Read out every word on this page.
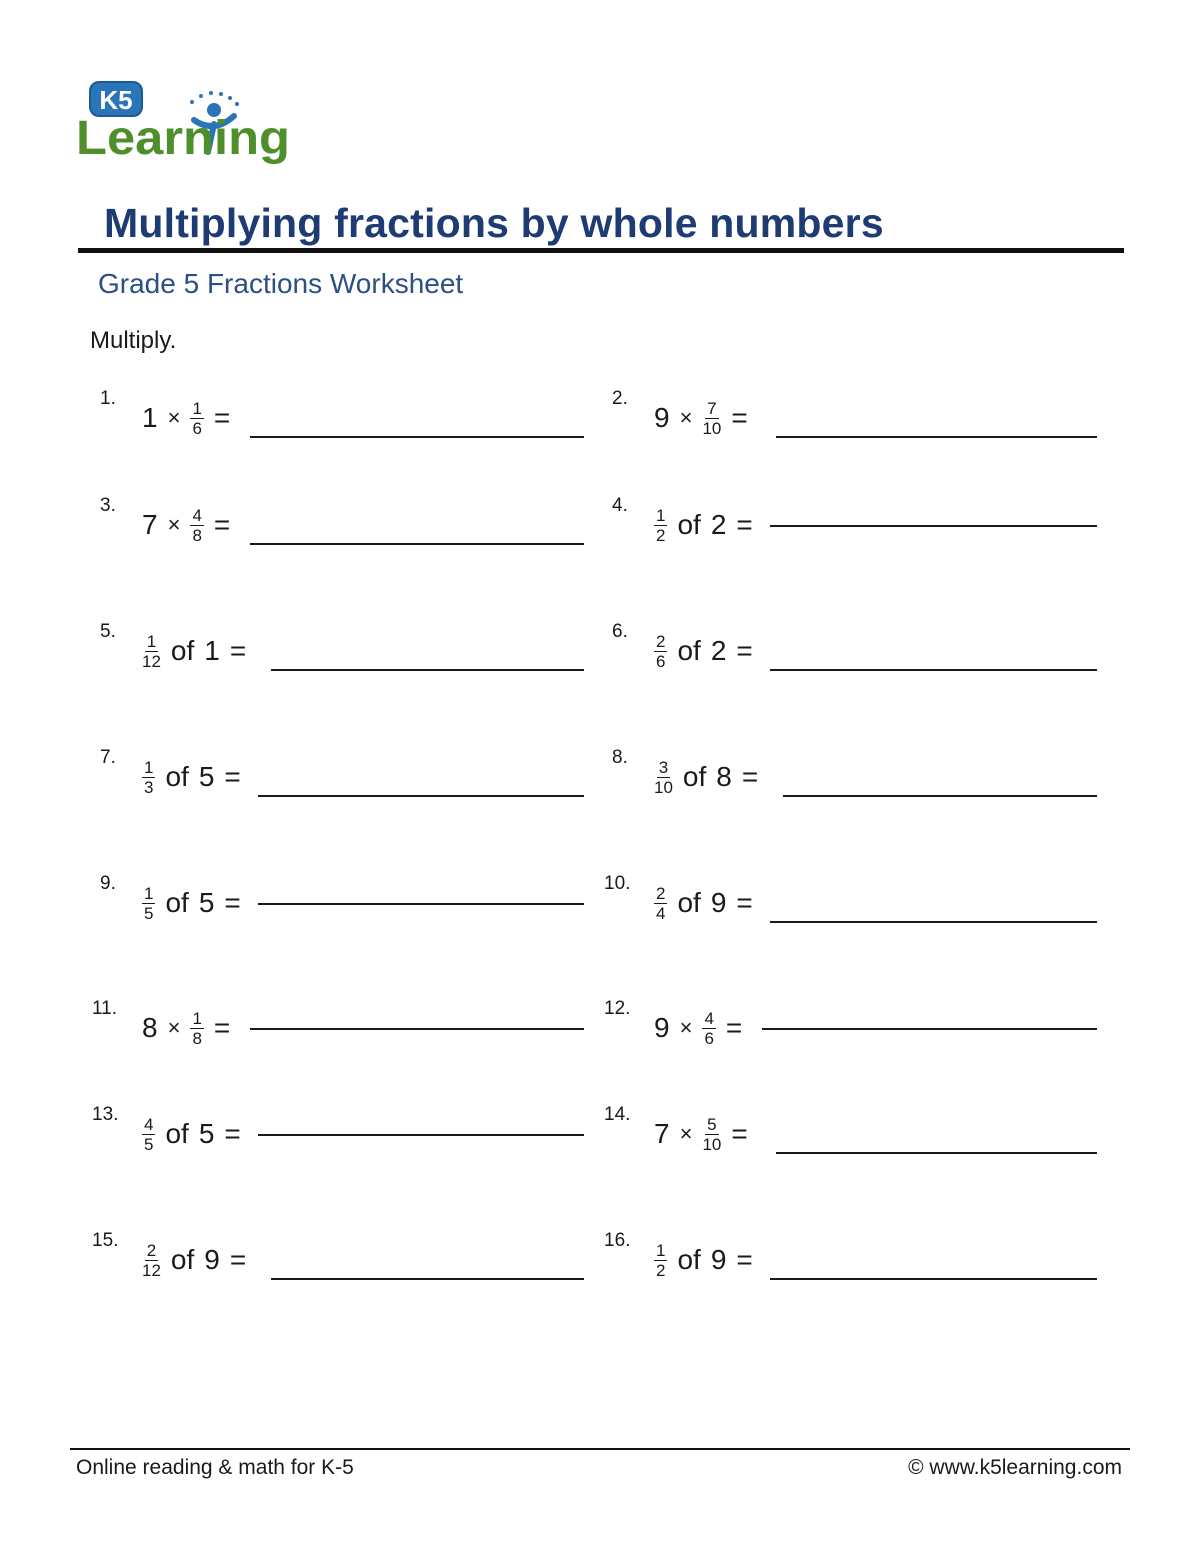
K5
Learning
Multiplying fractions by whole numbers
Grade 5 Fractions Worksheet
Multiply.
1.
$1 \times \frac{1}{6}$ =
2.
$9 \times \frac{7}{10}$ =
3.
$7 \times \frac{4}{8}$ =
4.
$\frac{1}{2}$ of 2 =
5.
$\frac{1}{12}$ of 1 =
6.
$\frac{2}{6}$ of 2 =
7.
$\frac{1}{3}$ of 5 =
8.
$\frac{3}{10}$ of 8 =
9.
$\frac{1}{5}$ of 5 =
10.
$\frac{2}{4}$ of 9 =
11.
$8 \times \frac{1}{8}$ =
12.
$9 \times \frac{4}{6}$ =
13.
$\frac{4}{5}$ of 5 =
14.
$7 \times \frac{5}{10}$ =
15.
$\frac{2}{12}$ of 9 =
16.
$\frac{1}{2}$ of 9 =
Online reading & math for K-5	© www.k5learning.com
